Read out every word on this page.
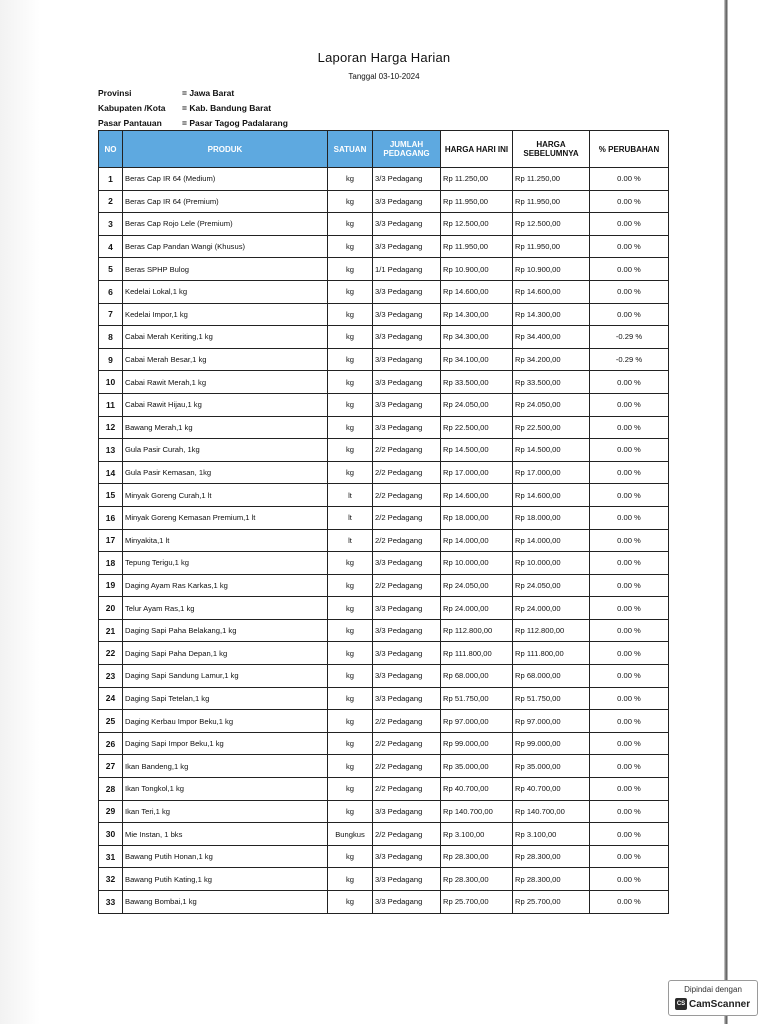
Laporan Harga Harian
Tanggal 03-10-2024
Provinsi	= Jawa Barat
Kabupaten /Kota	= Kab. Bandung Barat
Pasar Pantauan	= Pasar Tagog Padalarang
NO	PRODUK	SATUAN	JUMLAH PEDAGANG	HARGA HARI INI	HARGA SEBELUMNYA	% PERUBAHAN
1	Beras Cap IR 64 (Medium)	kg	3/3 Pedagang	Rp 11.250,00	Rp 11.250,00	0.00 %
2	Beras Cap IR 64 (Premium)	kg	3/3 Pedagang	Rp 11.950,00	Rp 11.950,00	0.00 %
3	Beras Cap Rojo Lele (Premium)	kg	3/3 Pedagang	Rp 12.500,00	Rp 12.500,00	0.00 %
4	Beras Cap Pandan Wangi (Khusus)	kg	3/3 Pedagang	Rp 11.950,00	Rp 11.950,00	0.00 %
5	Beras SPHP Bulog	kg	1/1 Pedagang	Rp 10.900,00	Rp 10.900,00	0.00 %
6	Kedelai Lokal,1 kg	kg	3/3 Pedagang	Rp 14.600,00	Rp 14.600,00	0.00 %
7	Kedelai Impor,1 kg	kg	3/3 Pedagang	Rp 14.300,00	Rp 14.300,00	0.00 %
8	Cabai Merah Keriting,1 kg	kg	3/3 Pedagang	Rp 34.300,00	Rp 34.400,00	-0.29 %
9	Cabai Merah Besar,1 kg	kg	3/3 Pedagang	Rp 34.100,00	Rp 34.200,00	-0.29 %
10	Cabai Rawit Merah,1 kg	kg	3/3 Pedagang	Rp 33.500,00	Rp 33.500,00	0.00 %
11	Cabai Rawit Hijau,1 kg	kg	3/3 Pedagang	Rp 24.050,00	Rp 24.050,00	0.00 %
12	Bawang Merah,1 kg	kg	3/3 Pedagang	Rp 22.500,00	Rp 22.500,00	0.00 %
13	Gula Pasir Curah, 1kg	kg	2/2 Pedagang	Rp 14.500,00	Rp 14.500,00	0.00 %
14	Gula Pasir Kemasan, 1kg	kg	2/2 Pedagang	Rp 17.000,00	Rp 17.000,00	0.00 %
15	Minyak Goreng Curah,1 lt	lt	2/2 Pedagang	Rp 14.600,00	Rp 14.600,00	0.00 %
16	Minyak Goreng Kemasan Premium,1 lt	lt	2/2 Pedagang	Rp 18.000,00	Rp 18.000,00	0.00 %
17	Minyakita,1 lt	lt	2/2 Pedagang	Rp 14.000,00	Rp 14.000,00	0.00 %
18	Tepung Terigu,1 kg	kg	3/3 Pedagang	Rp 10.000,00	Rp 10.000,00	0.00 %
19	Daging Ayam Ras Karkas,1 kg	kg	2/2 Pedagang	Rp 24.050,00	Rp 24.050,00	0.00 %
20	Telur Ayam Ras,1 kg	kg	3/3 Pedagang	Rp 24.000,00	Rp 24.000,00	0.00 %
21	Daging Sapi Paha Belakang,1 kg	kg	3/3 Pedagang	Rp 112.800,00	Rp 112.800,00	0.00 %
22	Daging Sapi Paha Depan,1 kg	kg	3/3 Pedagang	Rp 111.800,00	Rp 111.800,00	0.00 %
23	Daging Sapi Sandung Lamur,1 kg	kg	3/3 Pedagang	Rp 68.000,00	Rp 68.000,00	0.00 %
24	Daging Sapi Tetelan,1 kg	kg	3/3 Pedagang	Rp 51.750,00	Rp 51.750,00	0.00 %
25	Daging Kerbau Impor Beku,1 kg	kg	2/2 Pedagang	Rp 97.000,00	Rp 97.000,00	0.00 %
26	Daging Sapi Impor Beku,1 kg	kg	2/2 Pedagang	Rp 99.000,00	Rp 99.000,00	0.00 %
27	Ikan Bandeng,1 kg	kg	2/2 Pedagang	Rp 35.000,00	Rp 35.000,00	0.00 %
28	Ikan Tongkol,1 kg	kg	2/2 Pedagang	Rp 40.700,00	Rp 40.700,00	0.00 %
29	Ikan Teri,1 kg	kg	3/3 Pedagang	Rp 140.700,00	Rp 140.700,00	0.00 %
30	Mie Instan, 1 bks	Bungkus	2/2 Pedagang	Rp 3.100,00	Rp 3.100,00	0.00 %
31	Bawang Putih Honan,1 kg	kg	3/3 Pedagang	Rp 28.300,00	Rp 28.300,00	0.00 %
32	Bawang Putih Kating,1 kg	kg	3/3 Pedagang	Rp 28.300,00	Rp 28.300,00	0.00 %
33	Bawang Bombai,1 kg	kg	3/3 Pedagang	Rp 25.700,00	Rp 25.700,00	0.00 %
Dipindai dengan
CS CamScanner
